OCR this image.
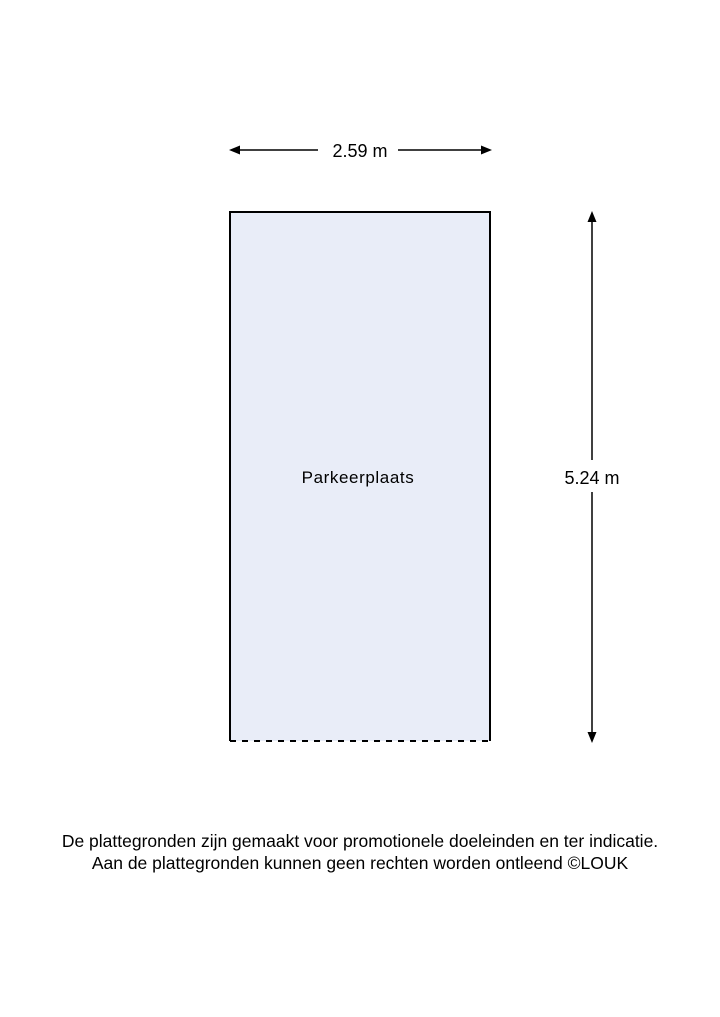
2.59 m
Parkeerplaats	5.24 m
De plattegronden zijn gemaakt voor promotionele doeleinden en ter indicatie.
Aan de plattegronden kunnen geen rechten worden ontleend ©LOUK
